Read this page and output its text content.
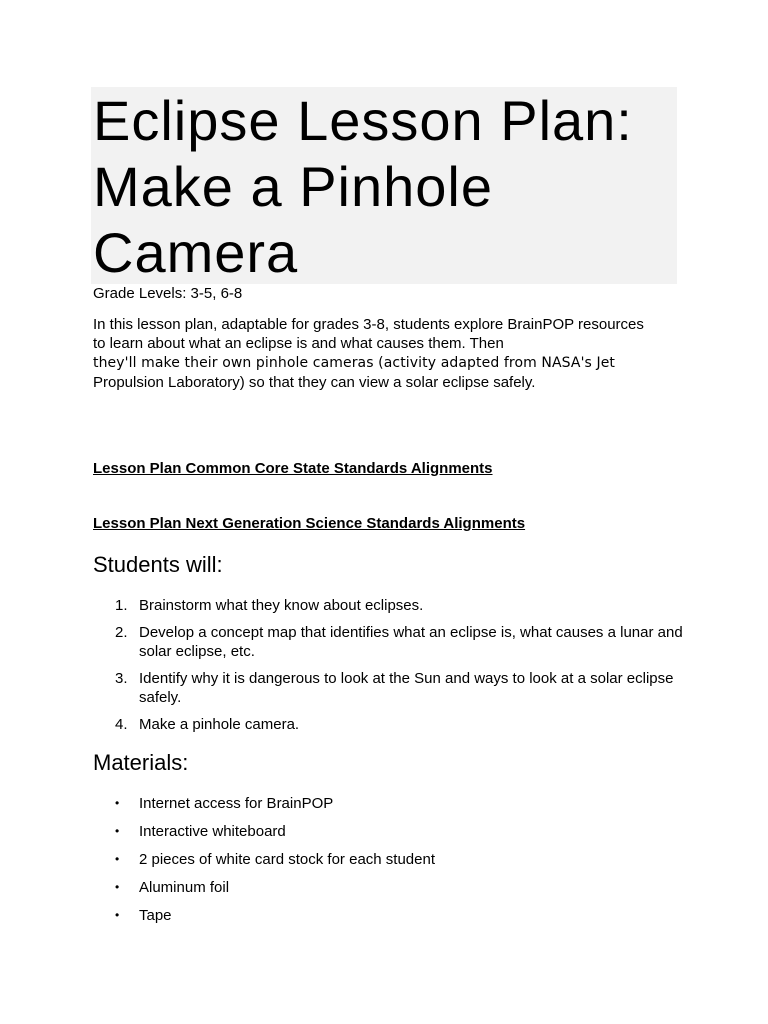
Eclipse Lesson Plan: Make a Pinhole Camera

Grade Levels: 3-5, 6-8

In this lesson plan, adaptable for grades 3-8, students explore BrainPOP resources to learn about what an eclipse is and what causes them. Then
they'll make their own pinhole cameras (activity adapted from NASA's Jet
Propulsion Laboratory) so that they can view a solar eclipse safely.

Lesson Plan Common Core State Standards Alignments

Lesson Plan Next Generation Science Standards Alignments

Students will:
1. Brainstorm what they know about eclipses.
2. Develop a concept map that identifies what an eclipse is, what causes a lunar and solar eclipse, etc.
3. Identify why it is dangerous to look at the Sun and ways to look at a solar eclipse safely.
4. Make a pinhole camera.
Materials:
• Internet access for BrainPOP
• Interactive whiteboard
• 2 pieces of white card stock for each student
• Aluminum foil
• Tape
